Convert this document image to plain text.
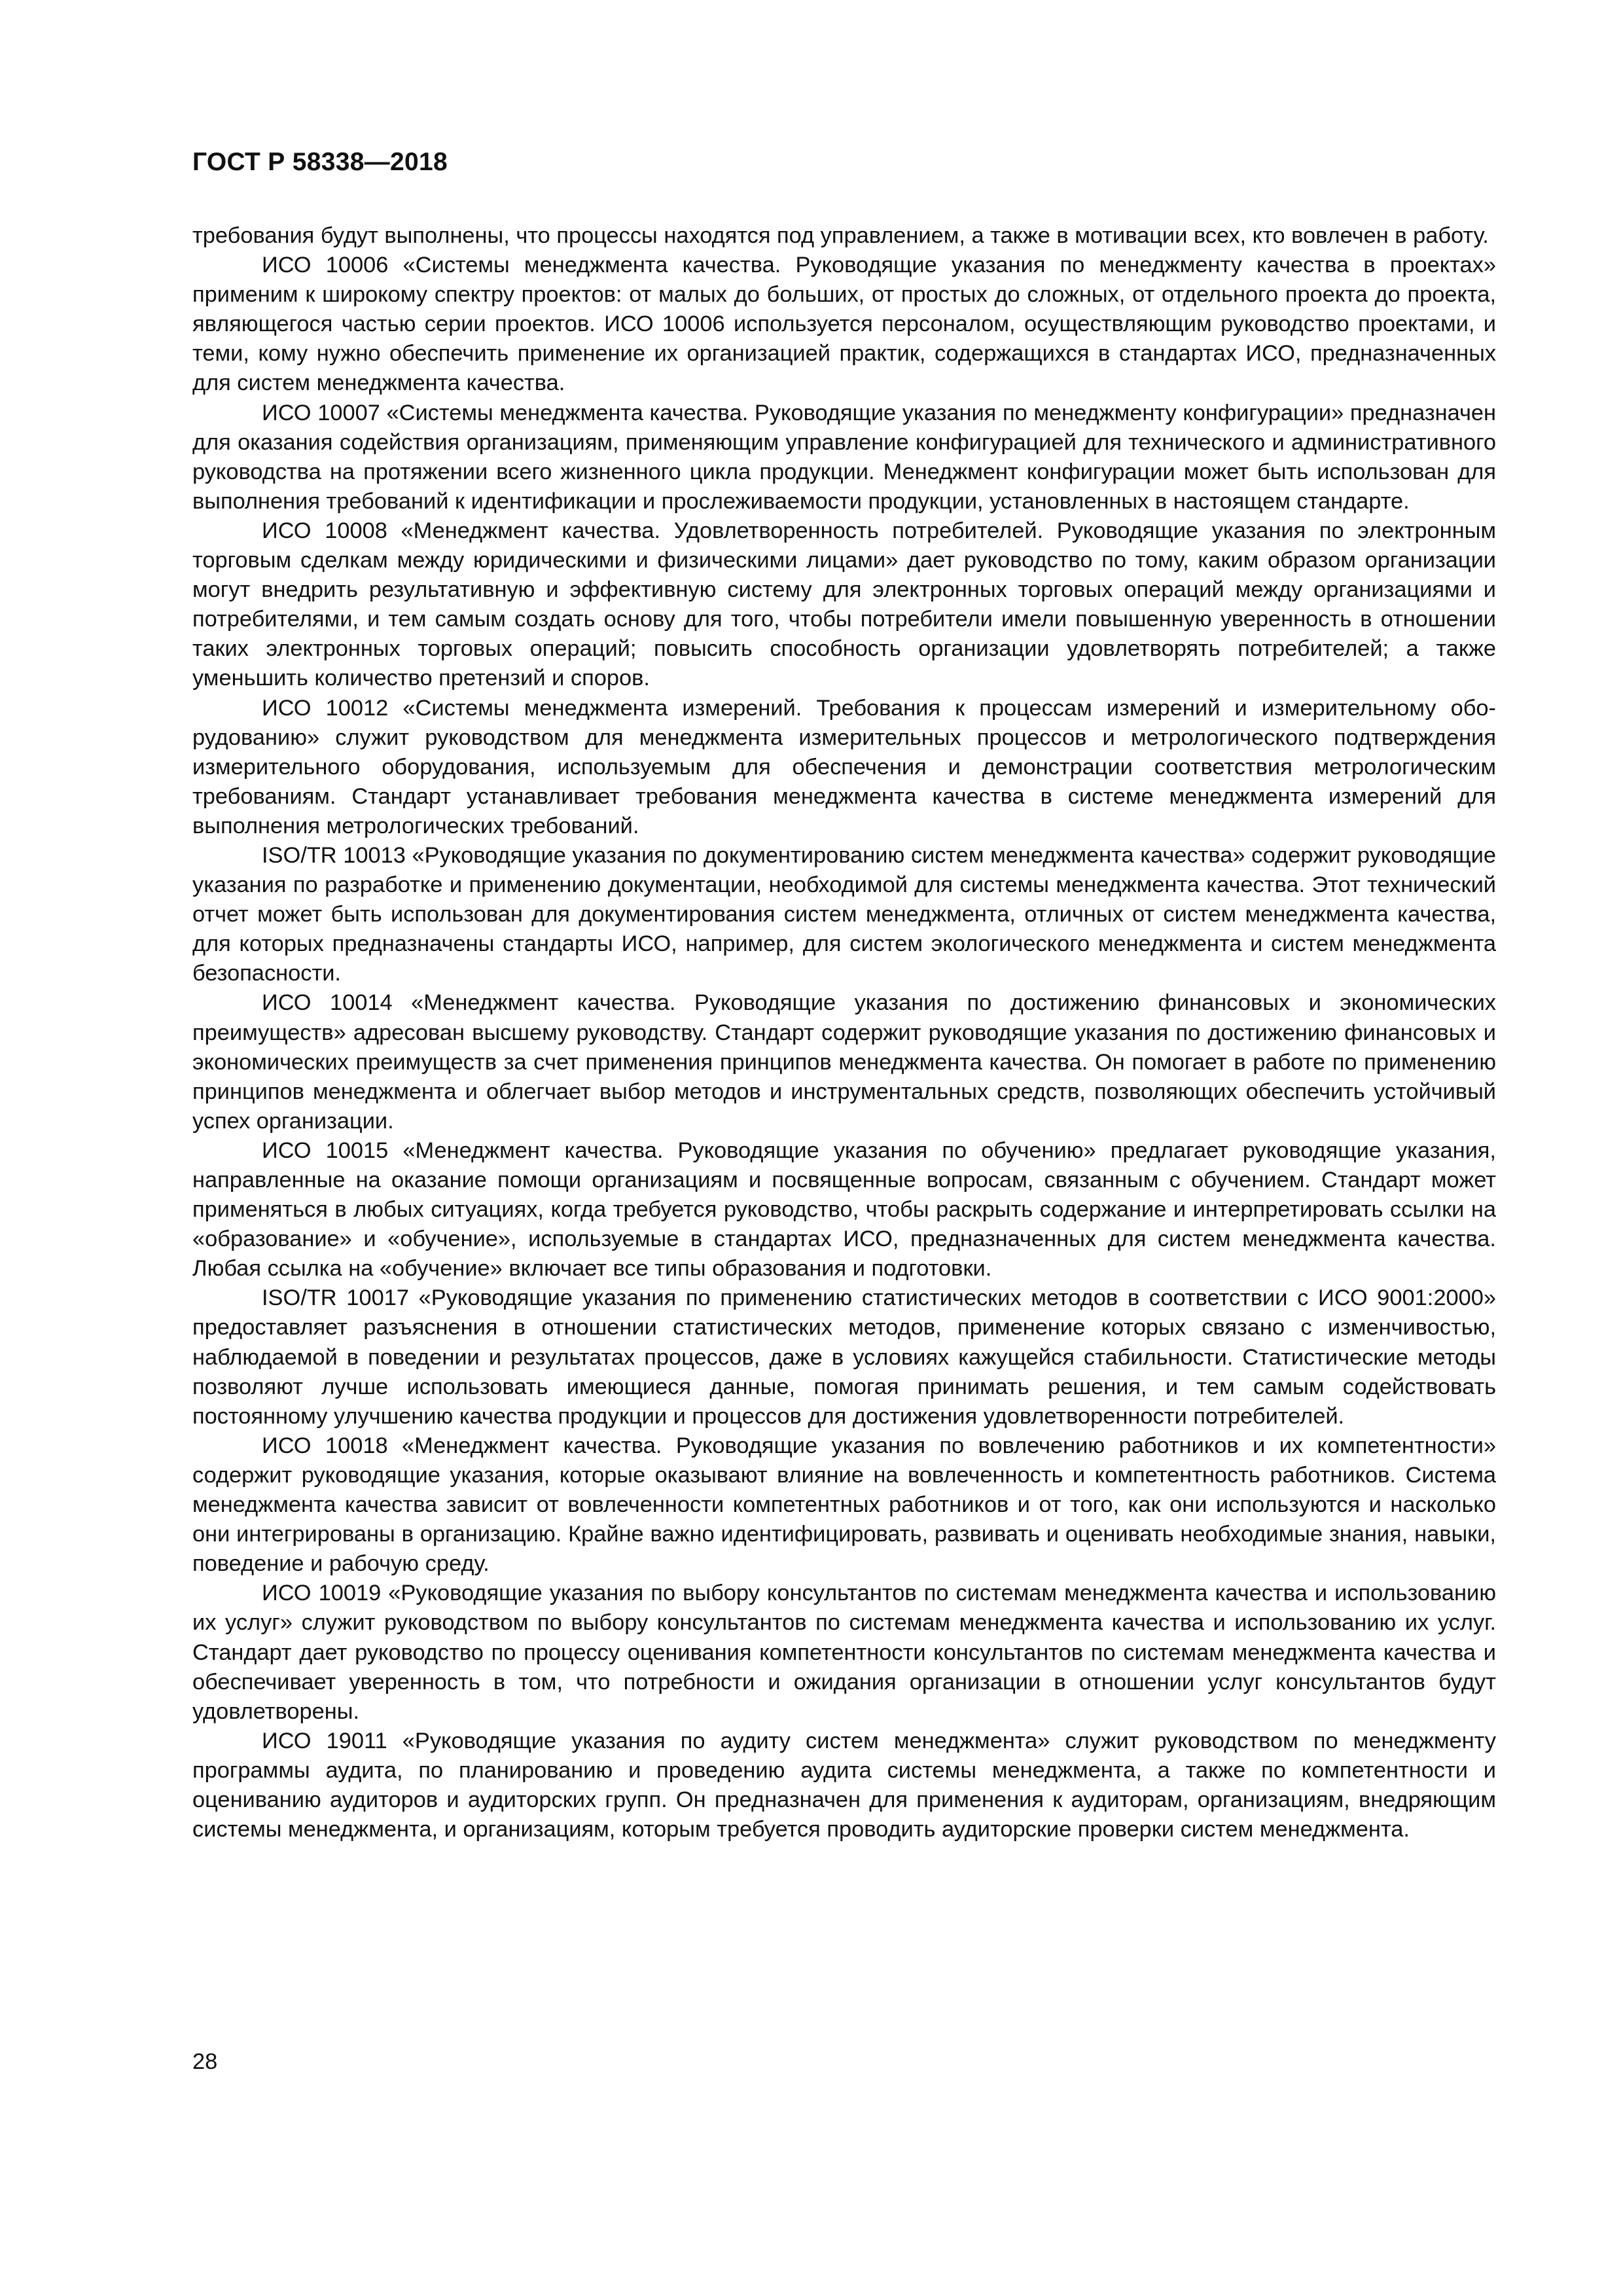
ГОСТ Р 58338—2018

требования будут выполнены, что процессы находятся под управлением, а также в мотивации всех, кто вовлечен в работу.

ИСО 10006 «Системы менеджмента качества. Руководящие указания по менеджменту качества в проектах» применим к широкому спектру проектов: от малых до больших, от простых до сложных, от отдельного проекта до проекта, являющегося частью серии проектов. ИСО 10006 используется персоналом, осуществляющим руководство проектами, и теми, кому нужно обеспечить применение их организацией практик, содержащихся в стандартах ИСО, предназначенных для систем менеджмента качества.

ИСО 10007 «Системы менеджмента качества. Руководящие указания по менеджменту конфигурации» предназначен для оказания содействия организациям, применяющим управление конфигурацией для технического и административного руководства на протяжении всего жизненного цикла продукции. Менеджмент конфигурации может быть использован для выполнения требований к идентификации и прослеживаемости продукции, установленных в настоящем стандарте.

ИСО 10008 «Менеджмент качества. Удовлетворенность потребителей. Руководящие указания по электронным торговым сделкам между юридическими и физическими лицами» дает руководство по тому, каким образом организации могут внедрить результативную и эффективную систему для электронных торговых операций между организациями и потребителями, и тем самым создать основу для того, чтобы потребители имели повышенную уверенность в отношении таких электронных торговых операций; повысить способность организации удовлетворять потребителей; а также уменьшить количество претензий и споров.

ИСО 10012 «Системы менеджмента измерений. Требования к процессам измерений и измерительному оборудованию» служит руководством для менеджмента измерительных процессов и метрологического подтверждения измерительного оборудования, используемым для обеспечения и демонстрации соответствия метрологическим требованиям. Стандарт устанавливает требования менеджмента качества в системе менеджмента измерений для выполнения метрологических требований.

ISO/TR 10013 «Руководящие указания по документированию систем менеджмента качества» содержит руководящие указания по разработке и применению документации, необходимой для системы менеджмента качества. Этот технический отчет может быть использован для документирования систем менеджмента, отличных от систем менеджмента качества, для которых предназначены стандарты ИСО, например, для систем экологического менеджмента и систем менеджмента безопасности.

ИСО 10014 «Менеджмент качества. Руководящие указания по достижению финансовых и экономических преимуществ» адресован высшему руководству. Стандарт содержит руководящие указания по достижению финансовых и экономических преимуществ за счет применения принципов менеджмента качества. Он помогает в работе по применению принципов менеджмента и облегчает выбор методов и инструментальных средств, позволяющих обеспечить устойчивый успех организации.

ИСО 10015 «Менеджмент качества. Руководящие указания по обучению» предлагает руководящие указания, направленные на оказание помощи организациям и посвященные вопросам, связанным с обучением. Стандарт может применяться в любых ситуациях, когда требуется руководство, чтобы раскрыть содержание и интерпретировать ссылки на «образование» и «обучение», используемые в стандартах ИСО, предназначенных для систем менеджмента качества. Любая ссылка на «обучение» включает все типы образования и подготовки.

ISO/TR 10017 «Руководящие указания по применению статистических методов в соответствии с ИСО 9001:2000» предоставляет разъяснения в отношении статистических методов, применение которых связано с изменчивостью, наблюдаемой в поведении и результатах процессов, даже в условиях кажущейся стабильности. Статистические методы позволяют лучше использовать имеющиеся данные, помогая принимать решения, и тем самым содействовать постоянному улучшению качества продукции и процессов для достижения удовлетворенности потребителей.

ИСО 10018 «Менеджмент качества. Руководящие указания по вовлечению работников и их компетентности» содержит руководящие указания, которые оказывают влияние на вовлеченность и компетентность работников. Система менеджмента качества зависит от вовлеченности компетентных работников и от того, как они используются и насколько они интегрированы в организацию. Крайне важно идентифицировать, развивать и оценивать необходимые знания, навыки, поведение и рабочую среду.

ИСО 10019 «Руководящие указания по выбору консультантов по системам менеджмента качества и использованию их услуг» служит руководством по выбору консультантов по системам менеджмента качества и использованию их услуг. Стандарт дает руководство по процессу оценивания компетентности консультантов по системам менеджмента качества и обеспечивает уверенность в том, что потребности и ожидания организации в отношении услуг консультантов будут удовлетворены.

ИСО 19011 «Руководящие указания по аудиту систем менеджмента» служит руководством по менеджменту программы аудита, по планированию и проведению аудита системы менеджмента, а также по компетентности и оцениванию аудиторов и аудиторских групп. Он предназначен для применения к аудиторам, организациям, внедряющим системы менеджмента, и организациям, которым требуется проводить аудиторские проверки систем менеджмента.

28
